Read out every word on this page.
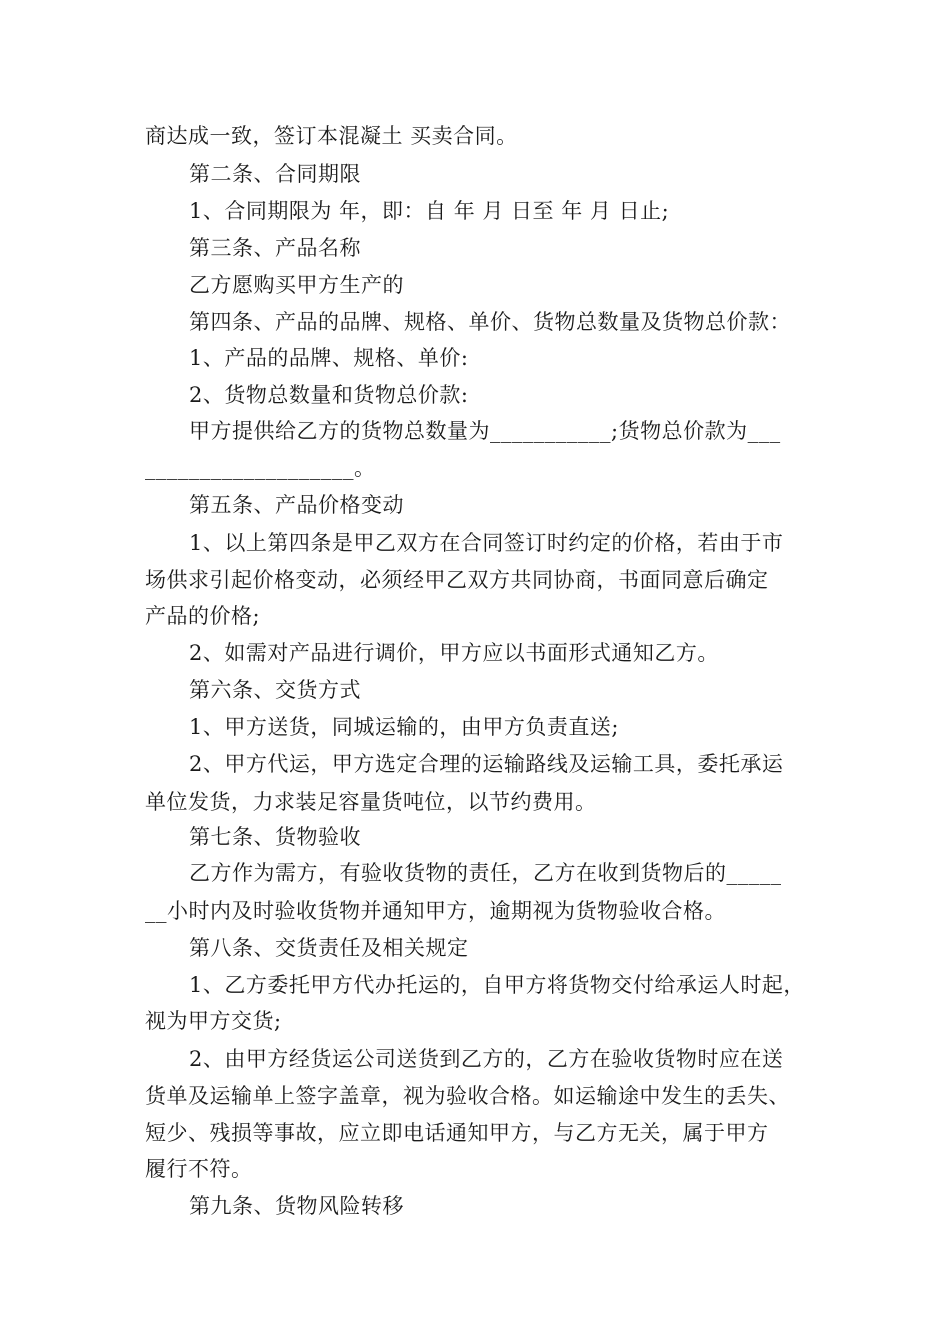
商达成一致，签订本混凝土 买卖合同。
第二条、合同期限
1、合同期限为 年，即：自 年 月 日至 年 月 日止;
第三条、产品名称
乙方愿购买甲方生产的
第四条、产品的品牌、规格、单价、货物总数量及货物总价款：
1、产品的品牌、规格、单价:
2、货物总数量和货物总价款:
甲方提供给乙方的货物总数量为___________;货物总价款为___
___________________。
第五条、产品价格变动
1、以上第四条是甲乙双方在合同签订时约定的价格，若由于市
场供求引起价格变动，必须经甲乙双方共同协商，书面同意后确定
产品的价格;
2、如需对产品进行调价，甲方应以书面形式通知乙方。
第六条、交货方式
1、甲方送货，同城运输的，由甲方负责直送;
2、甲方代运，甲方选定合理的运输路线及运输工具，委托承运
单位发货，力求装足容量货吨位，以节约费用。
第七条、货物验收
乙方作为需方，有验收货物的责任，乙方在收到货物后的_____
__小时内及时验收货物并通知甲方，逾期视为货物验收合格。
第八条、交货责任及相关规定
1、乙方委托甲方代办托运的，自甲方将货物交付给承运人时起，
视为甲方交货;
2、由甲方经货运公司送货到乙方的，乙方在验收货物时应在送
货单及运输单上签字盖章，视为验收合格。如运输途中发生的丢失、
短少、残损等事故，应立即电话通知甲方，与乙方无关，属于甲方
履行不符。
第九条、货物风险转移
